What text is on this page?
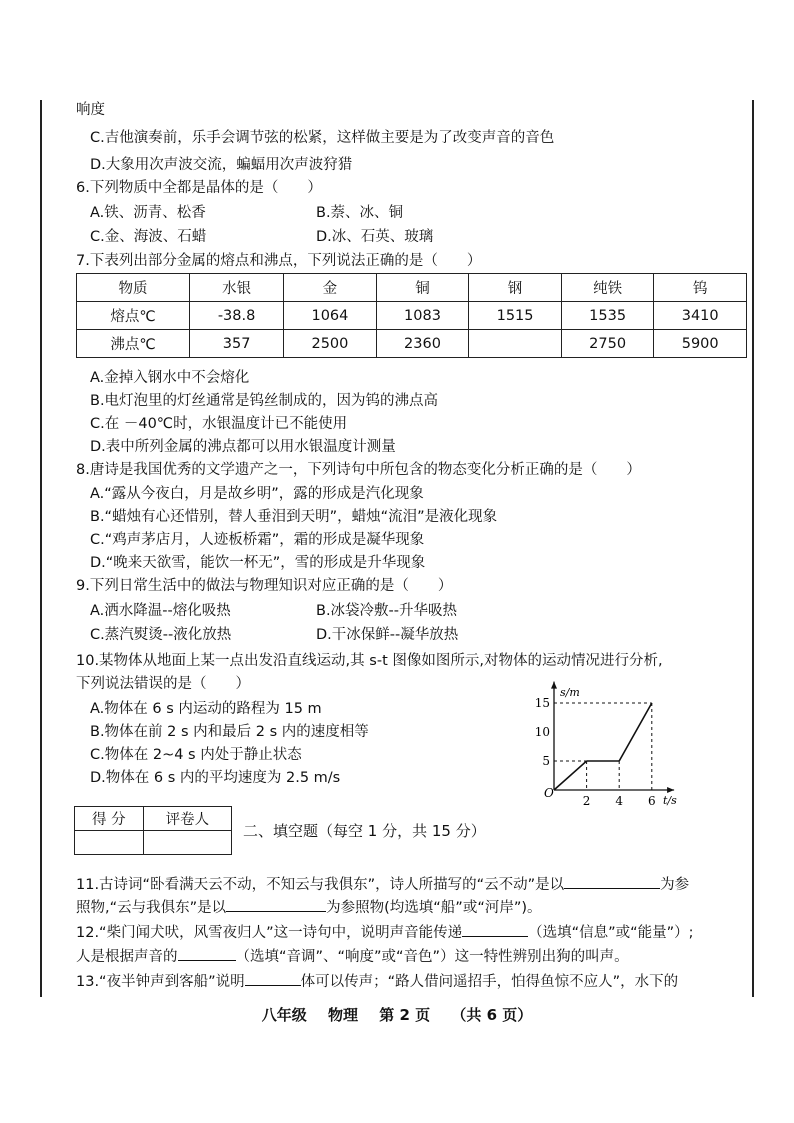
响度
C.吉他演奏前，乐手会调节弦的松紧，这样做主要是为了改变声音的音色
D.大象用次声波交流，蝙蝠用次声波狩猎
6.下列物质中全都是晶体的是（　　）
A.铁、沥青、松香	B.萘、冰、铜
C.金、海波、石蜡	D.冰、石英、玻璃
7.下表列出部分金属的熔点和沸点，下列说法正确的是（　　）
物质	水银	金	铜	钢	纯铁	钨
熔点℃	-38.8	1064	1083	1515	1535	3410
沸点℃	357	2500	2360		2750	5900
A.金掉入钢水中不会熔化
B.电灯泡里的灯丝通常是钨丝制成的，因为钨的沸点高
C.在 －40℃时，水银温度计已不能使用
D.表中所列金属的沸点都可以用水银温度计测量
8.唐诗是我国优秀的文学遗产之一，下列诗句中所包含的物态变化分析正确的是（　　）
A.“露从今夜白，月是故乡明”，露的形成是汽化现象
B.“蜡烛有心还惜别，替人垂泪到天明”，蜡烛“流泪”是液化现象
C.“鸡声茅店月，人迹板桥霜”，霜的形成是凝华现象
D.“晚来天欲雪，能饮一杯无”，雪的形成是升华现象
9.下列日常生活中的做法与物理知识对应正确的是（　　）
A.洒水降温--熔化吸热	B.冰袋冷敷--升华吸热
C.蒸汽熨烫--液化放热	D.干冰保鲜--凝华放热
10.某物体从地面上某一点出发沿直线运动,其 s-t 图像如图所示,对物体的运动情况进行分析,
下列说法错误的是（　　）
A.物体在 6 s 内运动的路程为 15 m
B.物体在前 2 s 内和最后 2 s 内的速度相等
C.物体在 2~4 s 内处于静止状态
D.物体在 6 s 内的平均速度为 2.5 m/s
5
10
15
2 4 6
s/m
t/s
O
得 分	评卷人

二、填空题（每空 1 分，共 15 分）
11.古诗词“卧看满天云不动，不知云与我俱东”，诗人所描写的“云不动”是以	为参
照物,“云与我俱东”是以	为参照物(均选填“船”或“河岸”)。
12.“柴门闻犬吠，风雪夜归人”这一诗句中，说明声音能传递	（选填“信息”或“能量”）;
人是根据声音的	（选填“音调”、“响度”或“音色”）这一特性辨别出狗的叫声。
13.“夜半钟声到客船”说明	体可以传声；“路人借问遥招手，怕得鱼惊不应人”，水下的
八年级 物理 第 2 页 （共 6 页）
